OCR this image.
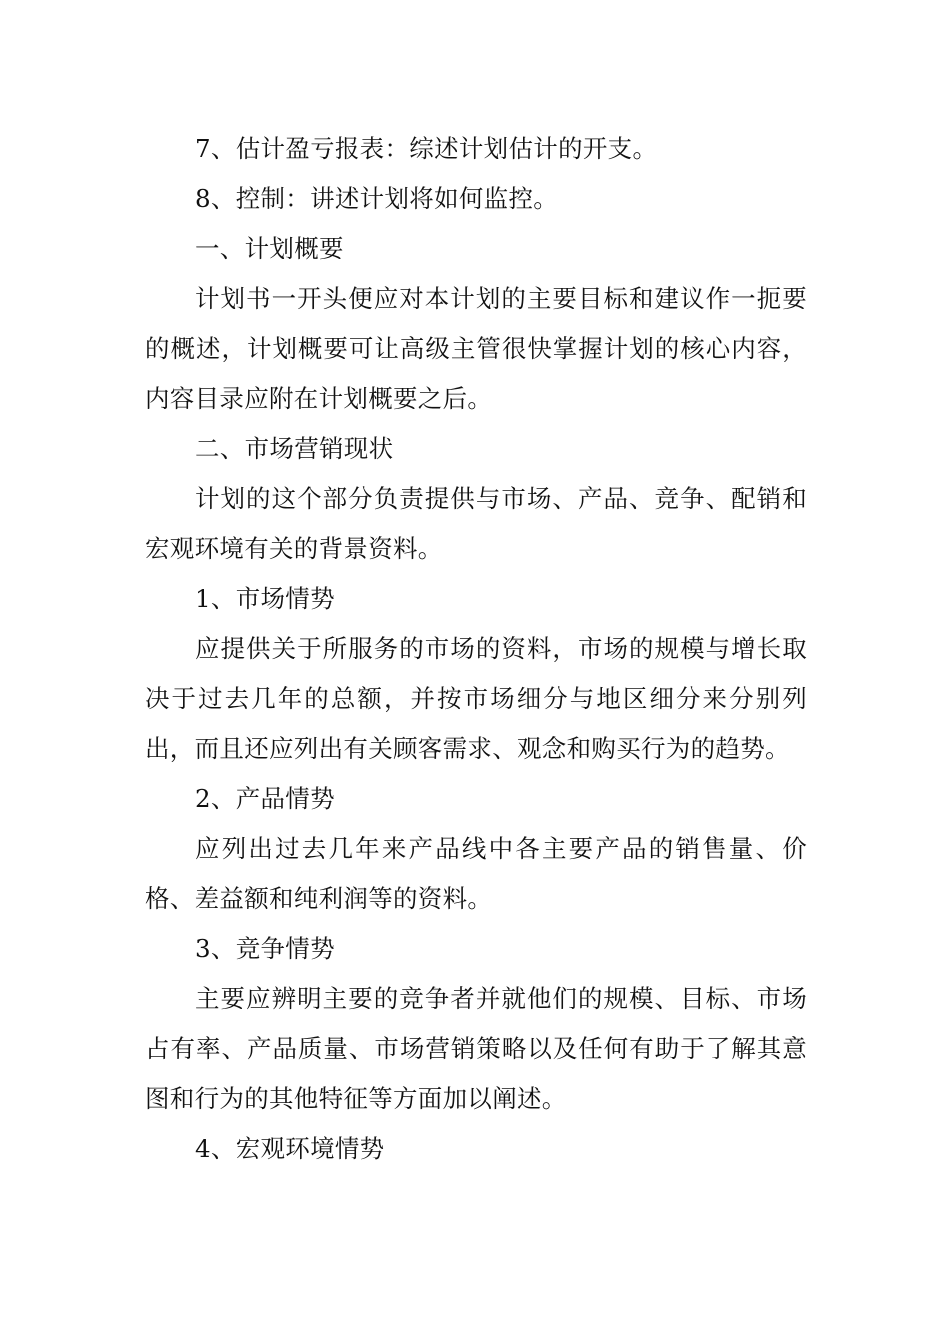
7、估计盈亏报表：综述计划估计的开支。

8、控制：讲述计划将如何监控。

一、计划概要

计划书一开头便应对本计划的主要目标和建议作一扼要的概述，计划概要可让高级主管很快掌握计划的核心内容，内容目录应附在计划概要之后。

二、市场营销现状

计划的这个部分负责提供与市场、产品、竞争、配销和宏观环境有关的背景资料。

1、市场情势

应提供关于所服务的市场的资料，市场的规模与增长取决于过去几年的总额，并按市场细分与地区细分来分别列出，而且还应列出有关顾客需求、观念和购买行为的趋势。

2、产品情势

应列出过去几年来产品线中各主要产品的销售量、价格、差益额和纯利润等的资料。

3、竞争情势

主要应辨明主要的竞争者并就他们的规模、目标、市场占有率、产品质量、市场营销策略以及任何有助于了解其意图和行为的其他特征等方面加以阐述。

4、宏观环境情势
